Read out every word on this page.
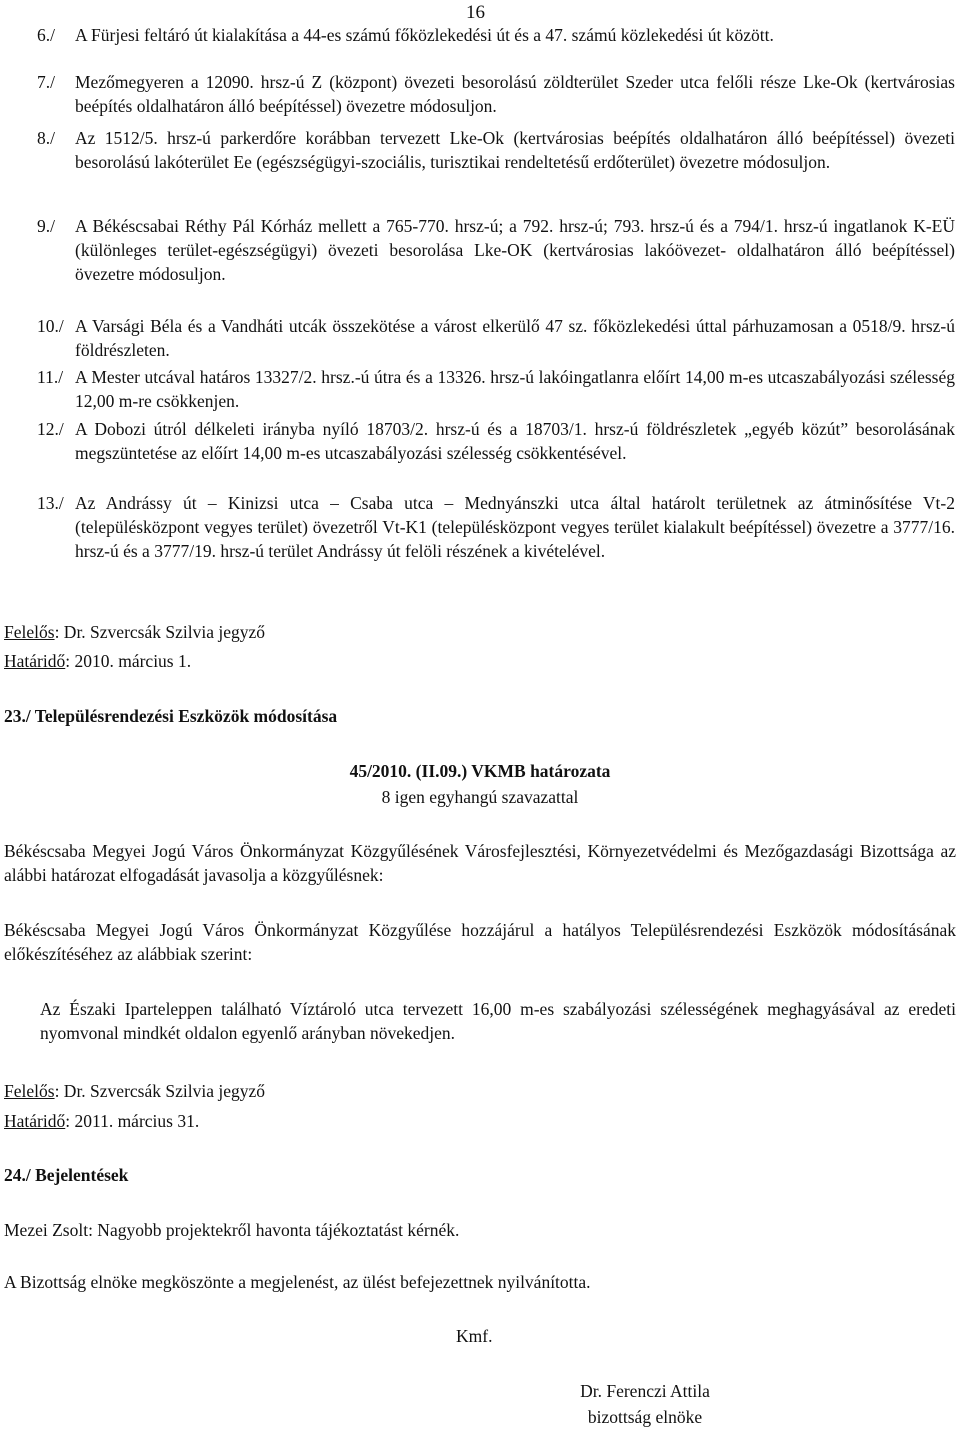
16
6./	A Fürjesi feltáró út kialakítása a 44-es számú főközlekedési út és a 47. számú közlekedési út között.
7./	Mezőmegyeren a 12090. hrsz-ú Z (központ) övezeti besorolású zöldterület Szeder utca felőli része Lke-Ok (kertvárosias beépítés oldalhatáron álló beépítéssel) övezetre módosuljon.
8./	Az 1512/5. hrsz-ú parkerdőre korábban tervezett Lke-Ok (kertvárosias beépítés oldalhatáron álló beépítéssel) övezeti besorolású lakóterület Ee (egészségügyi-szociális, turisztikai rendeltetésű erdőterület) övezetre módosuljon.
9./	A Békéscsabai Réthy Pál Kórház mellett a 765-770. hrsz-ú; a 792. hrsz-ú; 793. hrsz-ú és a 794/1. hrsz-ú ingatlanok K-EÜ (különleges terület-egészségügyi) övezeti besorolása Lke-OK (kertvárosias lakóövezet- oldalhatáron álló beépítéssel) övezetre módosuljon.
10./ A Varsági Béla és a Vandháti utcák összekötése a várost elkerülő 47 sz. főközlekedési úttal párhuzamosan a 0518/9. hrsz-ú földrészleten.
11./ A Mester utcával határos 13327/2. hrsz.-ú útra és a 13326. hrsz-ú lakóingatlanra előírt 14,00 m-es utcaszabályozási szélesség 12,00 m-re csökkenjen.
12./ A Dobozi útról délkeleti irányba nyíló 18703/2. hrsz-ú és a 18703/1. hrsz-ú földrészletek „egyéb közút” besorolásának megszüntetése az előírt 14,00 m-es utcaszabályozási szélesség csökkentésével.
13./ Az Andrássy út – Kinizsi utca – Csaba utca – Mednyánszki utca által határolt területnek az átminősítése Vt-2 (településközpont vegyes terület) övezetről Vt-K1 (településközpont vegyes terület kialakult beépítéssel) övezetre a 3777/16. hrsz-ú és a 3777/19. hrsz-ú terület Andrássy út felöli részének a kivételével.
Felelős: Dr. Szvercsák Szilvia jegyző
Határidő: 2010. március 1.
23./ Településrendezési Eszközök módosítása
45/2010. (II.09.) VKMB határozata
8 igen egyhangú szavazattal
Békéscsaba Megyei Jogú Város Önkormányzat Közgyűlésének Városfejlesztési, Környezetvédelmi és Mezőgazdasági Bizottsága az alábbi határozat elfogadását javasolja a közgyűlésnek:
Békéscsaba Megyei Jogú Város Önkormányzat Közgyűlése hozzájárul a hatályos Településrendezési Eszközök módosításának előkészítéséhez az alábbiak szerint:
Az Északi Iparteleppen található Víztároló utca tervezett 16,00 m-es szabályozási szélességének meghagyásával az eredeti nyomvonal mindkét oldalon egyenlő arányban növekedjen.
Felelős: Dr. Szvercsák Szilvia jegyző
Határidő: 2011. március 31.
24./ Bejelentések
Mezei Zsolt: Nagyobb projektekről havonta tájékoztatást kérnék.
A Bizottság elnöke megköszönte a megjelenést, az ülést befejezettnek nyilvánította.
Kmf.
Dr. Ferenczi Attila
bizottság elnöke
